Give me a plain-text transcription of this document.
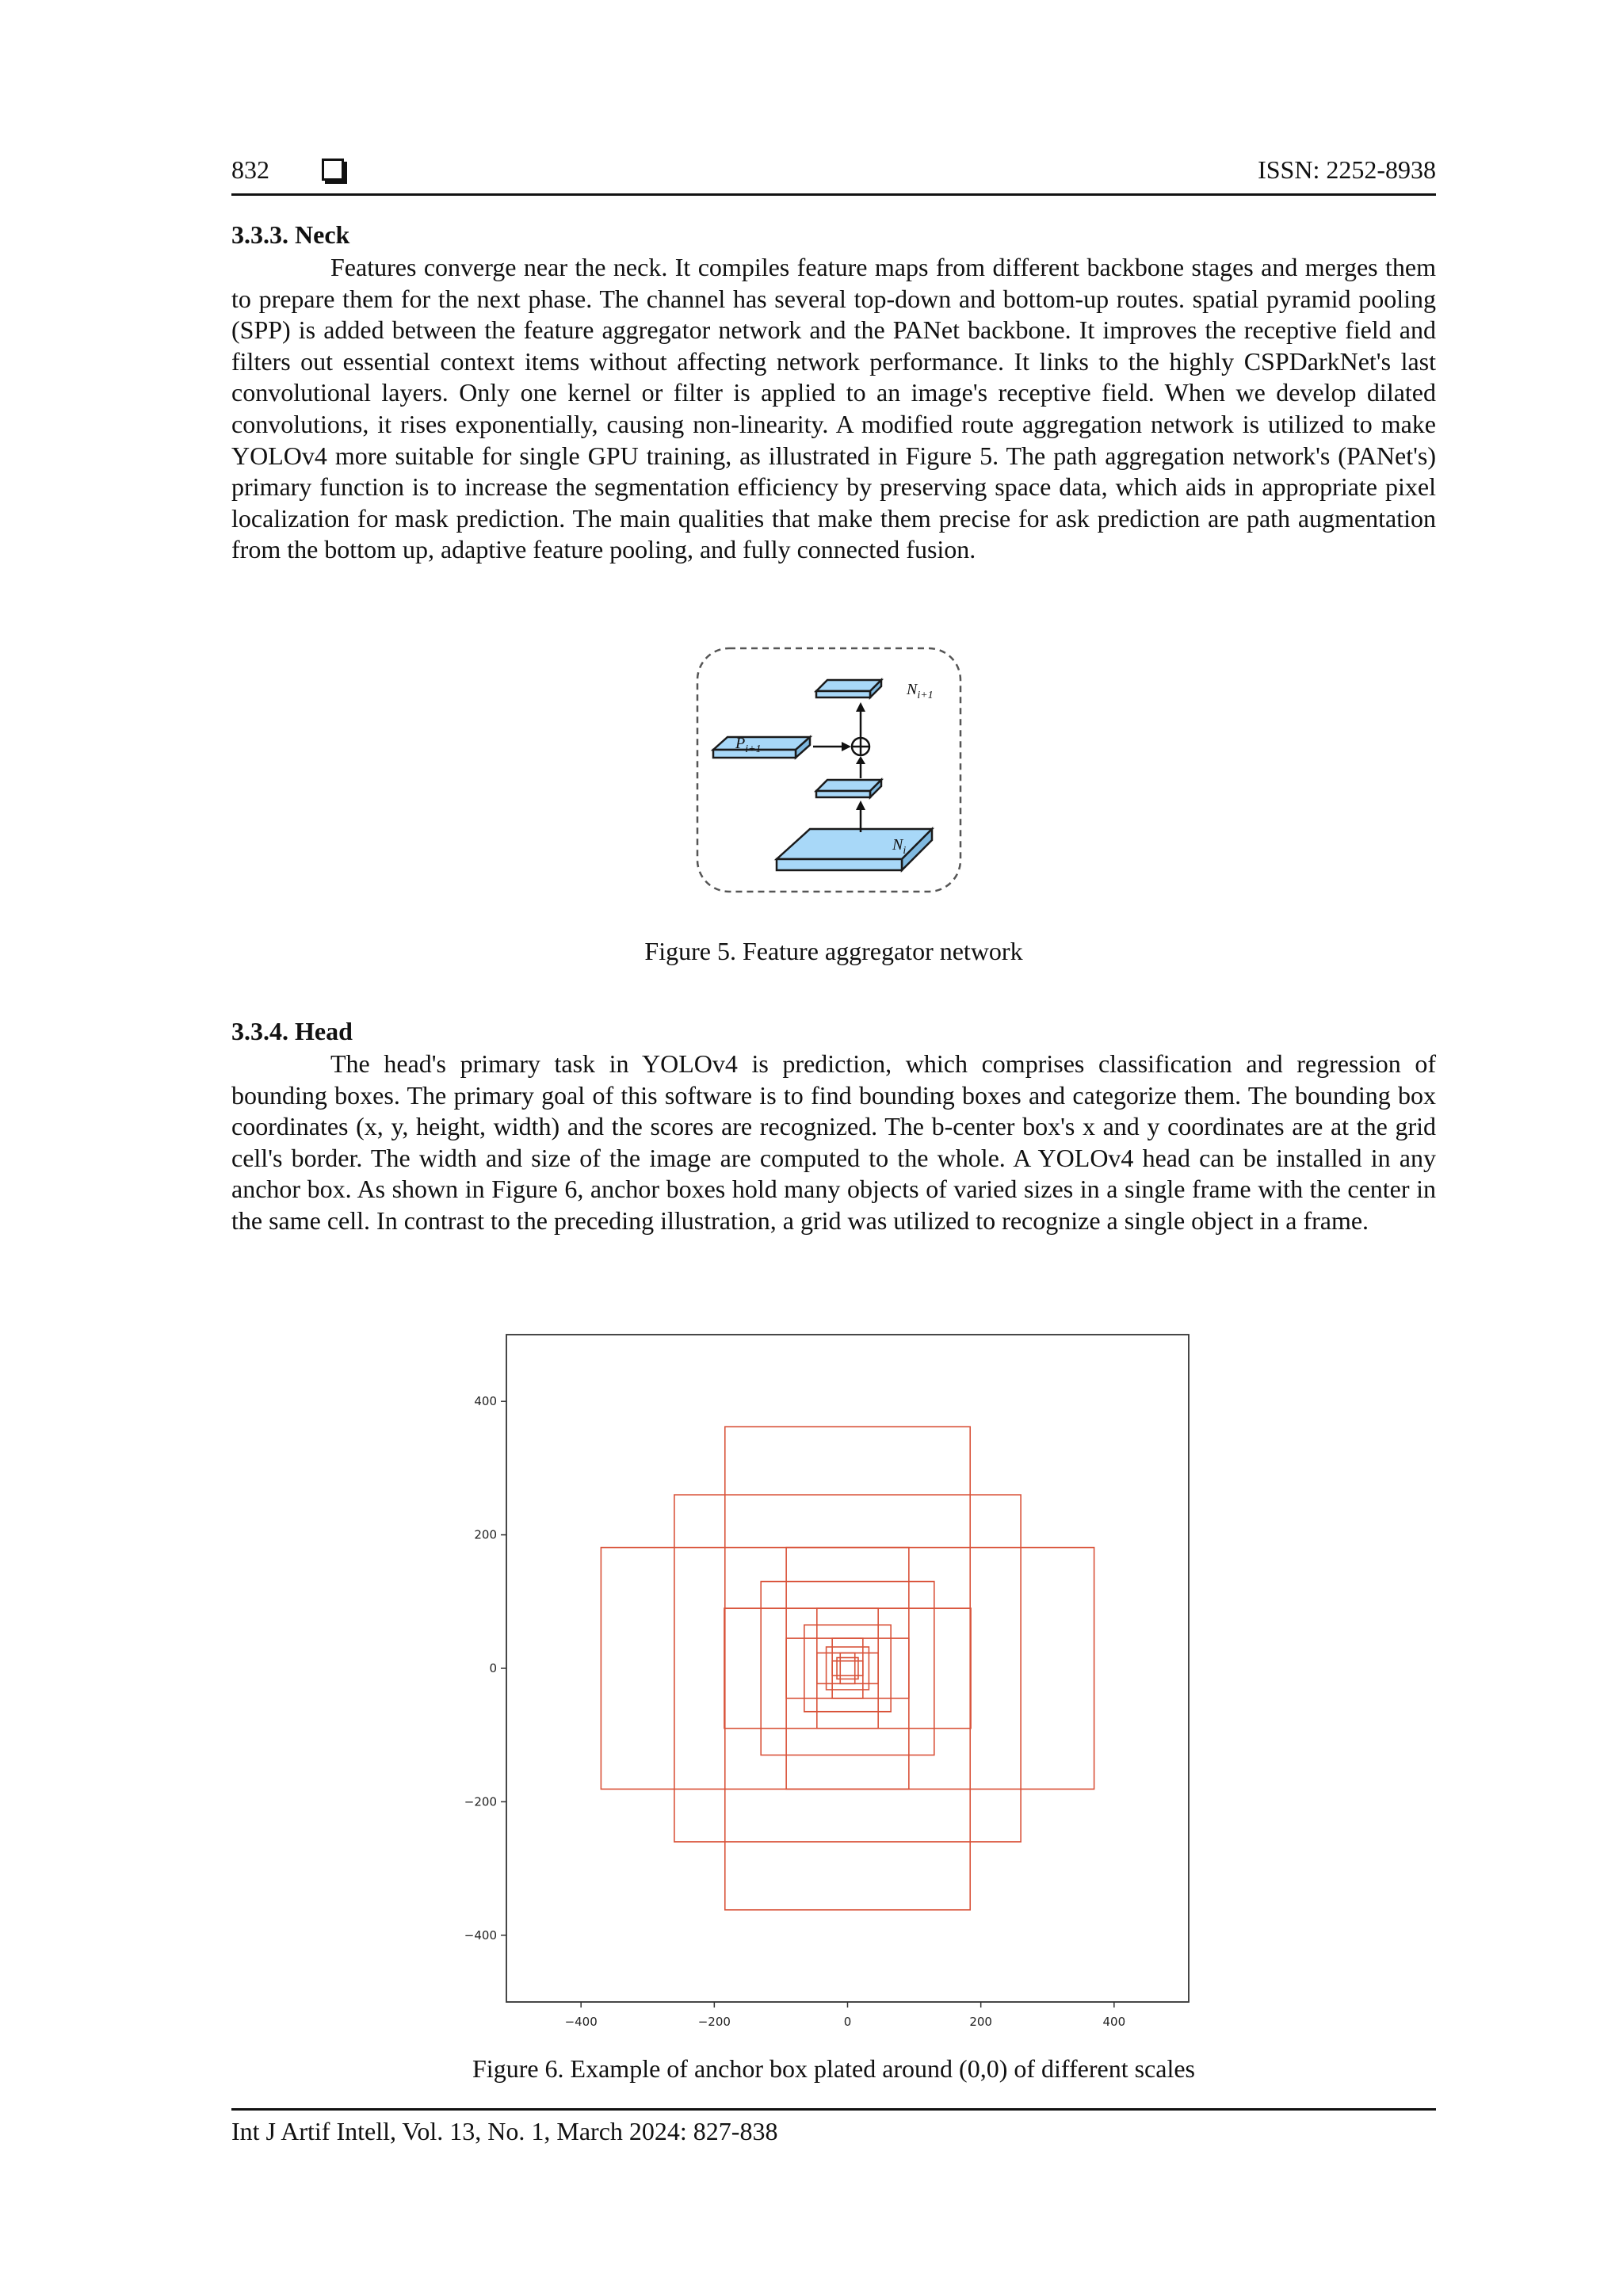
832	ISSN: 2252-8938
3.3.3. Neck

Features converge near the neck. It compiles feature maps from different backbone stages and merges them to prepare them for the next phase. The channel has several top-down and bottom-up routes. spatial pyramid pooling (SPP) is added between the feature aggregator network and the PANet backbone. It improves the receptive field and filters out essential context items without affecting network performance. It links to the highly CSPDarkNet's last convolutional layers. Only one kernel or filter is applied to an image's receptive field. When we develop dilated convolutions, it rises exponentially, causing non-linearity. A modified route aggregation network is utilized to make YOLOv4 more suitable for single GPU training, as illustrated in Figure 5. The path aggregation network's (PANet's) primary function is to increase the segmentation efficiency by preserving space data, which aids in appropriate pixel localization for mask prediction. The main qualities that make them precise for ask prediction are path augmentation from the bottom up, adaptive feature pooling, and fully connected fusion.

$N_{i+1}$
$P_{i+1}$
$N_i$
Figure 5. Feature aggregator network
3.3.4. Head

The head's primary task in YOLOv4 is prediction, which comprises classification and regression of bounding boxes. The primary goal of this software is to find bounding boxes and categorize them. The bounding box coordinates (x, y, height, width) and the scores are recognized. The b-center box's x and y coordinates are at the grid cell's border. The width and size of the image are computed to the whole. A YOLOv4 head can be installed in any anchor box. As shown in Figure 6, anchor boxes hold many objects of varied sizes in a single frame with the center in the same cell. In contrast to the preceding illustration, a grid was utilized to recognize a single object in a frame.

−400	−200	0	200	400
−400
−200
0
200
400
Figure 6. Example of anchor box plated around (0,0) of different scales
Int J Artif Intell, Vol. 13, No. 1, March 2024: 827-838
